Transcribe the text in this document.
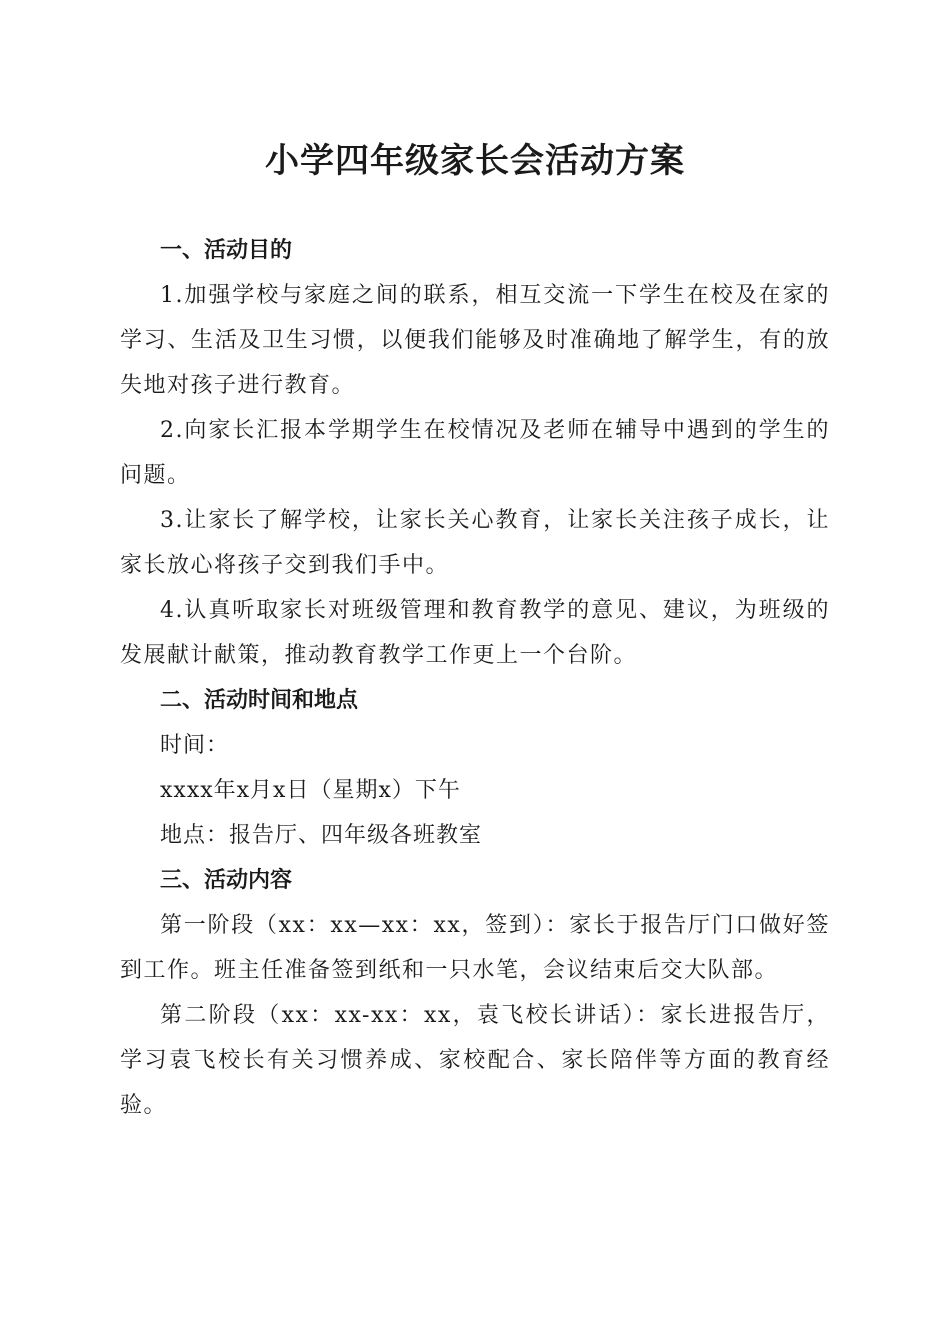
小学四年级家长会活动方案

一、活动目的

1.加强学校与家庭之间的联系，相互交流一下学生在校及在家的学习、生活及卫生习惯，以便我们能够及时准确地了解学生，有的放失地对孩子进行教育。

2.向家长汇报本学期学生在校情况及老师在辅导中遇到的学生的问题。

3.让家长了解学校，让家长关心教育，让家长关注孩子成长，让家长放心将孩子交到我们手中。

4.认真听取家长对班级管理和教育教学的意见、建议，为班级的发展献计献策，推动教育教学工作更上一个台阶。

二、活动时间和地点

时间：

xxxx年x月x日（星期x）下午

地点：报告厅、四年级各班教室

三、活动内容

第一阶段（xx：xx—xx：xx，签到）：家长于报告厅门口做好签到工作。班主任准备签到纸和一只水笔，会议结束后交大队部。

第二阶段（xx：xx-xx：xx，袁飞校长讲话）：家长进报告厅，学习袁飞校长有关习惯养成、家校配合、家长陪伴等方面的教育经验。
